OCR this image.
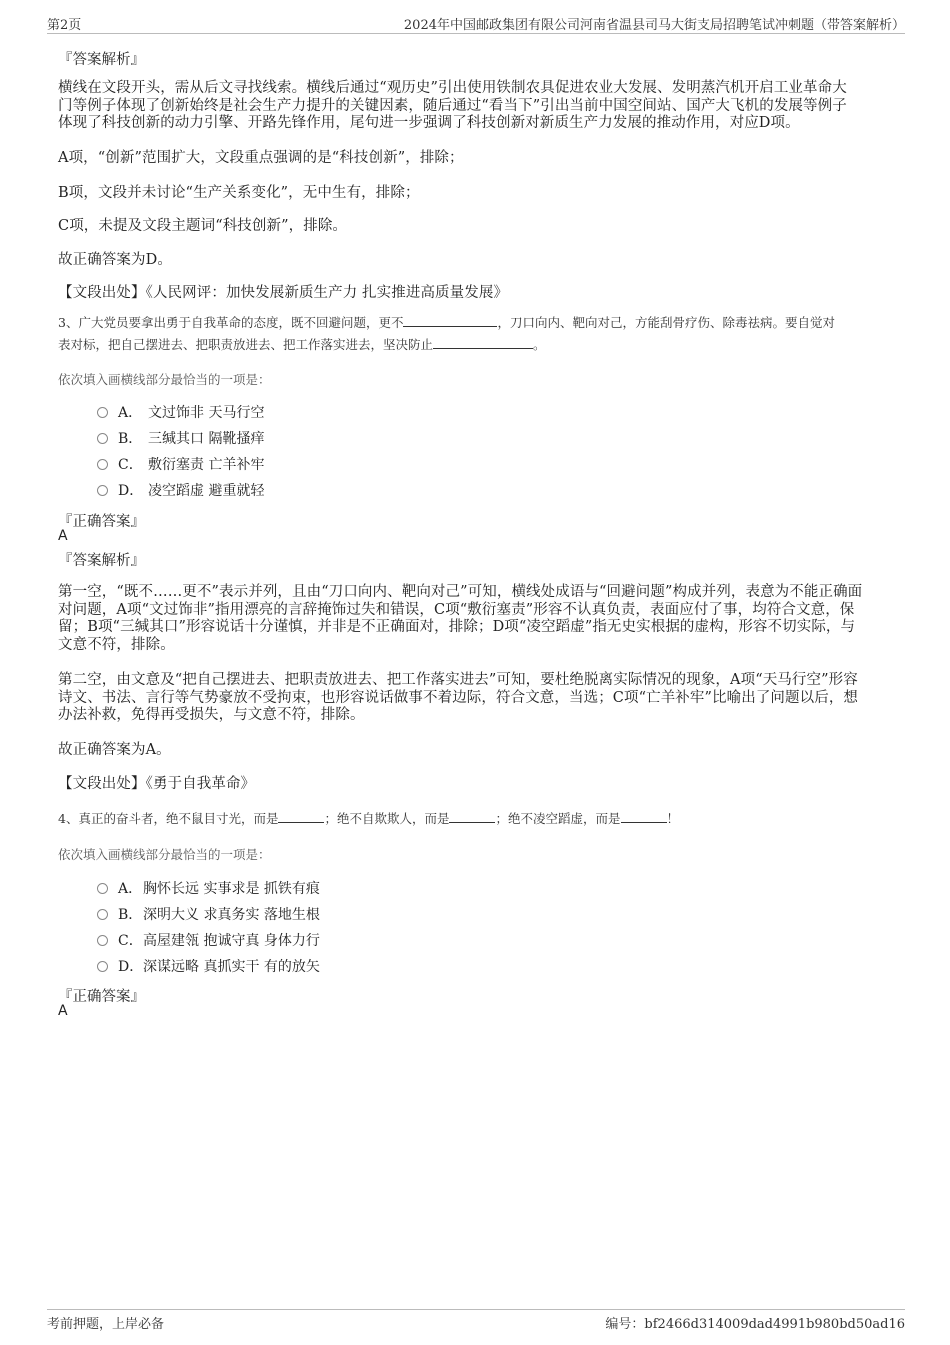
第2页	2024年中国邮政集团有限公司河南省温县司马大街支局招聘笔试冲刺题（带答案解析）
『答案解析』
横线在文段开头，需从后文寻找线索。横线后通过“观历史”引出使用铁制农具促进农业大发展、发明蒸汽机开启工业革命大
门等例子体现了创新始终是社会生产力提升的关键因素，随后通过“看当下”引出当前中国空间站、国产大飞机的发展等例子
体现了科技创新的动力引擎、开路先锋作用，尾句进一步强调了科技创新对新质生产力发展的推动作用，对应D项。
A项，“创新”范围扩大，文段重点强调的是“科技创新”，排除；
B项，文段并未讨论“生产关系变化”，无中生有，排除；
C项，未提及文段主题词“科技创新”，排除。
故正确答案为D。
【文段出处】《人民网评：加快发展新质生产力 扎实推进高质量发展》
3、广大党员要拿出勇于自我革命的态度，既不回避问题，更不	，刀口向内、靶向对己，方能刮骨疗伤、除毒祛病。要自觉对
表对标，把自己摆进去、把职责放进去、把工作落实进去，坚决防止	。
依次填入画横线部分最恰当的一项是：
A． 文过饰非 天马行空
B． 三缄其口 隔靴搔痒
C． 敷衍塞责 亡羊补牢
D． 凌空蹈虚 避重就轻
『正确答案』
A
『答案解析』
第一空，“既不……更不”表示并列，且由“刀口向内、靶向对己”可知，横线处成语与“回避问题”构成并列，表意为不能正确面
对问题，A项“文过饰非”指用漂亮的言辞掩饰过失和错误，C项“敷衍塞责”形容不认真负责，表面应付了事，均符合文意，保
留；B项“三缄其口”形容说话十分谨慎，并非是不正确面对，排除；D项“凌空蹈虚”指无史实根据的虚构，形容不切实际，与
文意不符，排除。
第二空，由文意及“把自己摆进去、把职责放进去、把工作落实进去”可知，要杜绝脱离实际情况的现象，A项“天马行空”形容
诗文、书法、言行等气势豪放不受拘束，也形容说话做事不着边际，符合文意，当选；C项“亡羊补牢”比喻出了问题以后，想
办法补救，免得再受损失，与文意不符，排除。
故正确答案为A。
【文段出处】《勇于自我革命》
4、真正的奋斗者，绝不鼠目寸光，而是	；绝不自欺欺人，而是	；绝不凌空蹈虚，而是	！
依次填入画横线部分最恰当的一项是：
A． 胸怀长远 实事求是 抓铁有痕
B． 深明大义 求真务实 落地生根
C． 高屋建瓴 抱诚守真 身体力行
D． 深谋远略 真抓实干 有的放矢
『正确答案』
A
考前押题，上岸必备	编号：bf2466d314009dad4991b980bd50ad16
